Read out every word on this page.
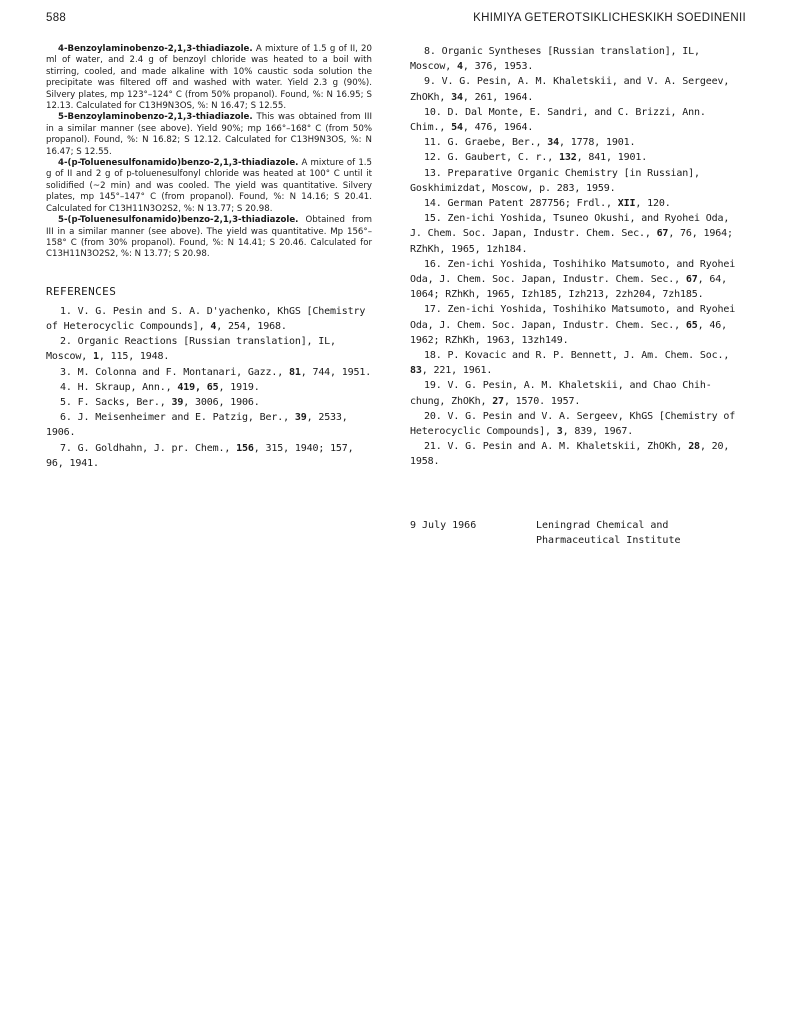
588	KHIMIYA GETEROTSIKLICHESKIKH SOEDINENII

4-Benzoylaminobenzo-2,1,3-thiadiazole. A mixture of 1.5 g of II, 20 ml of water, and 2.4 g of benzoyl chloride was heated to a boil with stirring, cooled, and made alkaline with 10% caustic soda solution the precipitate was filtered off and washed with water. Yield 2.3 g (90%). Silvery plates, mp 123°–124° C (from 50% propanol). Found, %: N 16.95; S 12.13. Calculated for C13H9N3OS, %: N 16.47; S 12.55.

5-Benzoylaminobenzo-2,1,3-thiadiazole. This was obtained from III in a similar manner (see above). Yield 90%; mp 166°–168° C (from 50% propanol). Found, %: N 16.82; S 12.12. Calculated for C13H9N3OS, %: N 16.47; S 12.55.

4-(p-Toluenesulfonamido)benzo-2,1,3-thiadiazole. A mixture of 1.5 g of II and 2 g of p-toluenesulfonyl chloride was heated at 100° C until it solidified (~2 min) and was cooled. The yield was quantitative. Silvery plates, mp 145°–147° C (from propanol). Found, %: N 14.16; S 20.41. Calculated for C13H11N3O2S2, %: N 13.77; S 20.98.

5-(p-Toluenesulfonamido)benzo-2,1,3-thiadiazole. Obtained from III in a similar manner (see above). The yield was quantitative. Mp 156°–158° C (from 30% propanol). Found, %: N 14.41; S 20.46. Calculated for C13H11N3O2S2, %: N 13.77; S 20.98.

REFERENCES

1. V. G. Pesin and S. A. D'yachenko, KhGS [Chemistry of Heterocyclic Compounds], 4, 254, 1968.

2. Organic Reactions [Russian translation], IL, Moscow, 1, 115, 1948.

3. M. Colonna and F. Montanari, Gazz., 81, 744, 1951.

4. H. Skraup, Ann., 419, 65, 1919.

5. F. Sacks, Ber., 39, 3006, 1906.

6. J. Meisenheimer and E. Patzig, Ber., 39, 2533, 1906.

7. G. Goldhahn, J. pr. Chem., 156, 315, 1940; 157, 96, 1941.

8. Organic Syntheses [Russian translation], IL, Moscow, 4, 376, 1953.

9. V. G. Pesin, A. M. Khaletskii, and V. A. Sergeev, ZhOKh, 34, 261, 1964.

10. D. Dal Monte, E. Sandri, and C. Brizzi, Ann. Chim., 54, 476, 1964.

11. G. Graebe, Ber., 34, 1778, 1901.

12. G. Gaubert, C. r., 132, 841, 1901.

13. Preparative Organic Chemistry [in Russian], Goskhimizdat, Moscow, p. 283, 1959.

14. German Patent 287756; Frdl., XII, 120.

15. Zen-ichi Yoshida, Tsuneo Okushi, and Ryohei Oda, J. Chem. Soc. Japan, Industr. Chem. Sec., 67, 76, 1964; RZhKh, 1965, 1zh184.

16. Zen-ichi Yoshida, Toshihiko Matsumoto, and Ryohei Oda, J. Chem. Soc. Japan, Industr. Chem. Sec., 67, 64, 1064; RZhKh, 1965, Izh185, Izh213, 2zh204, 7zh185.

17. Zen-ichi Yoshida, Toshihiko Matsumoto, and Ryohei Oda, J. Chem. Soc. Japan, Industr. Chem. Sec., 65, 46, 1962; RZhKh, 1963, 13zh149.

18. P. Kovacic and R. P. Bennett, J. Am. Chem. Soc., 83, 221, 1961.

19. V. G. Pesin, A. M. Khaletskii, and Chao Chih-chung, ZhOKh, 27, 1570. 1957.

20. V. G. Pesin and V. A. Sergeev, KhGS [Chemistry of Heterocyclic Compounds], 3, 839, 1967.

21. V. G. Pesin and A. M. Khaletskii, ZhOKh, 28, 20, 1958.

9 July 1966	Leningrad Chemical and Pharmaceutical Institute
